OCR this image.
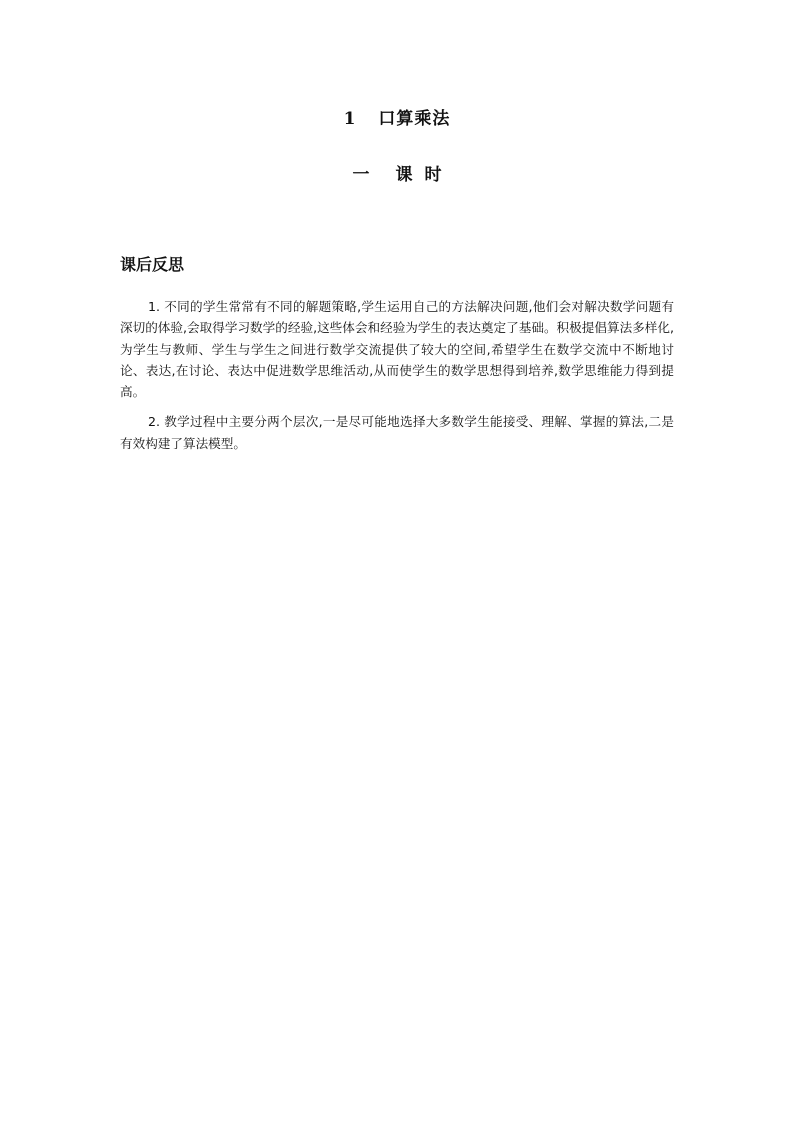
1 口算乘法
一 课 时
课后反思

1. 不同的学生常常有不同的解题策略,学生运用自己的方法解决问题,他们会对解决数学问题有深切的体验,会取得学习数学的经验,这些体会和经验为学生的表达奠定了基础。积极提倡算法多样化,为学生与教师、学生与学生之间进行数学交流提供了较大的空间,希望学生在数学交流中不断地讨论、表达,在讨论、表达中促进数学思维活动,从而使学生的数学思想得到培养,数学思维能力得到提高。

2. 教学过程中主要分两个层次,一是尽可能地选择大多数学生能接受、理解、掌握的算法,二是有效构建了算法模型。
